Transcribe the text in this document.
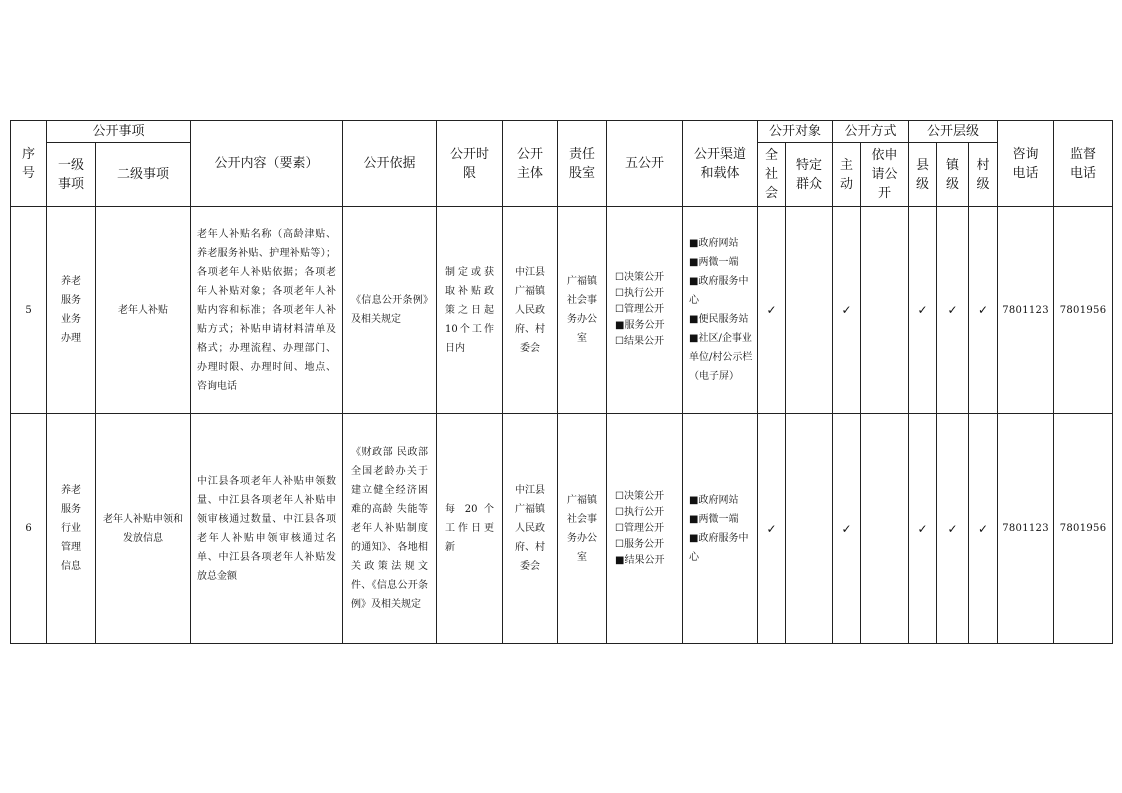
序号	公开事项		公开内容（要素）	公开依据	公开时限	公开主体	责任股室	五公开	公开渠道和载体	公开对象		公开方式		公开层级			咨询电话	监督电话
	一级事项	二级事项								全社会	特定群众	主动	依申请公开	县级	镇级	村级		
5	养老服务业务办理	老年人补贴	老年人补贴名称（高龄津贴、养老服务补贴、护理补贴等）；各项老年人补贴依据；各项老年人补贴对象；各项老年人补贴内容和标准；各项老年人补贴方式；补贴申请材料清单及格式；办理流程、办理部门、办理时限、办理时间、地点、咨询电话	《信息公开条例》及相关规定	制定或获取补贴政策之日起10个工作日内	中江县广福镇人民政府、村委会	广福镇社会事务办公室	☐决策公开
☐执行公开
☐管理公开
■服务公开
☐结果公开	■政府网站
■两微一端
■政府服务中心
■便民服务站
■社区/企事业单位/村公示栏（电子屏）	✓		✓		✓	✓	✓	7801123	7801956
6	养老服务行业管理信息	老年人补贴申领和发放信息	中江县各项老年人补贴申领数量、中江县各项老年人补贴申领审核通过数量、中江县各项老年人补贴申领审核通过名单、中江县各项老年人补贴发放总金额	《财政部 民政部 全国老龄办关于建立健全经济困难的高龄 失能等老年人补贴制度的通知》、各地相关政策法规文件、《信息公开条例》及相关规定	每 20 个工作日更新	中江县广福镇人民政府、村委会	广福镇社会事务办公室	☐决策公开
☐执行公开
☐管理公开
☐服务公开
■结果公开	■政府网站
■两微一端
■政府服务中心	✓		✓		✓	✓	✓	7801123	7801956
